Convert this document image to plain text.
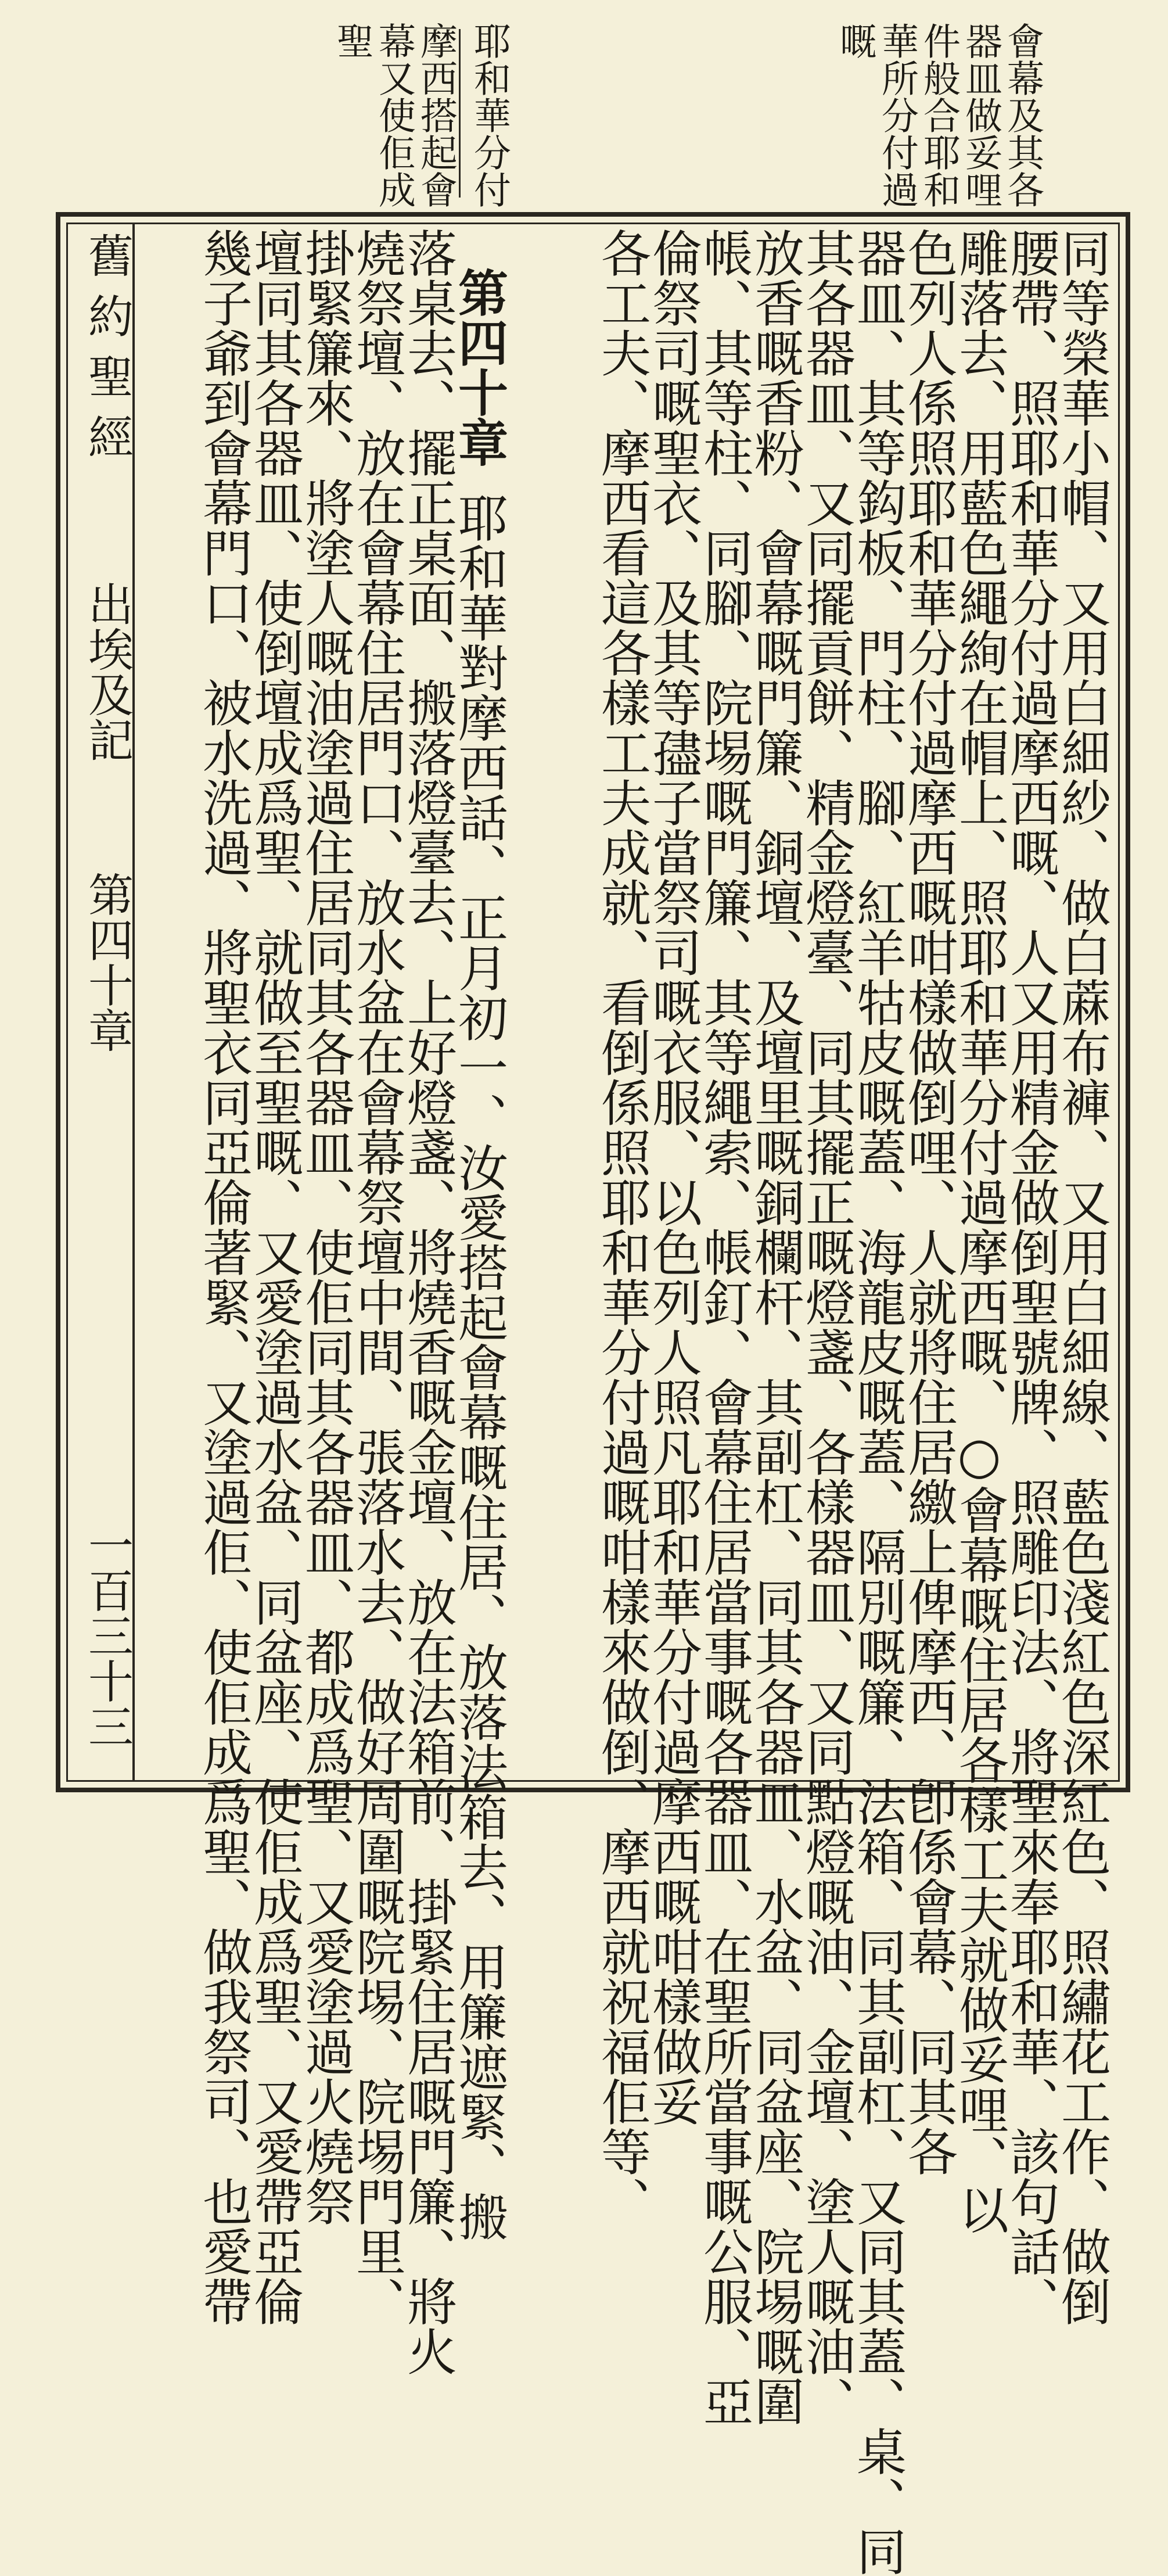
會幕及其各
器皿做妥哩
件般合耶和
華所分付過
嘅
耶和華分付
摩西搭起會
幕又使佢成
聖
同等榮華小帽、又用白細紗、做白蔴布褲、又用白細線、藍色淺紅色深紅色、照繡花工作、做倒
腰帶、照耶和華分付過摩西嘅、人又用精金做倒聖號牌、照雕印法、將聖來奉耶和華、該句話、
雕落去、用藍色繩絢在帽上、照耶和華分付過摩西嘅、○會幕嘅住居各樣工夫就做妥哩、以
色列人係照耶和華分付過摩西嘅咁樣做倒哩、人就將住居繳上俾摩西、卽係會幕、同其各
器皿、其等鈎板、門柱、腳、紅羊牯皮嘅蓋、海龍皮嘅蓋、隔別嘅簾、法箱、同其副杠、又同其蓋、桌、同
其各器皿、又同擺貢餅、精金燈臺、同其擺正嘅燈盞、各樣器皿、又同點燈嘅油、金壇、塗人嘅油、
放香嘅香粉、會幕嘅門簾、銅壇、及壇里嘅銅欄杆、其副杠、同其各器皿、水盆、同盆座、院埸嘅圍
帳、其等柱、同腳、院埸嘅門簾、其等繩索、帳釘、會幕住居當事嘅各器皿、在聖所當事嘅公服、亞
倫祭司嘅聖衣、及其等孻子當祭司嘅衣服、以色列人照凡耶和華分付過摩西嘅咁樣做妥
各工夫、摩西看這各樣工夫成就、看倒係照耶和華分付過嘅咁樣來做倒、摩西就祝福佢等、
第四十章
耶和華對摩西話、正月初一、汝愛搭起會幕嘅住居、放落法箱去、用簾遮緊、搬
落桌去、擺正桌面、搬落燈臺去、上好燈盞、將燒香嘅金壇、放在法箱前、掛緊住居嘅門簾、將火
燒祭壇、放在會幕住居門口、放水盆在會幕祭壇中間、張落水去、做好周圍嘅院埸、院埸門里、
掛緊簾來、將塗人嘅油塗過住居同其各器皿、使佢同其各器皿、都成爲聖、又愛塗過火燒祭
壇同其各器皿、使倒壇成爲聖、就做至聖嘅、又愛塗過水盆、同盆座、使佢成爲聖、又愛帶亞倫
幾子爺到會幕門口、被水洗過、將聖衣同亞倫著緊、又塗過佢、使佢成爲聖、做我祭司、也愛帶
舊約聖經
出埃及記
第四十章
一百三十三
